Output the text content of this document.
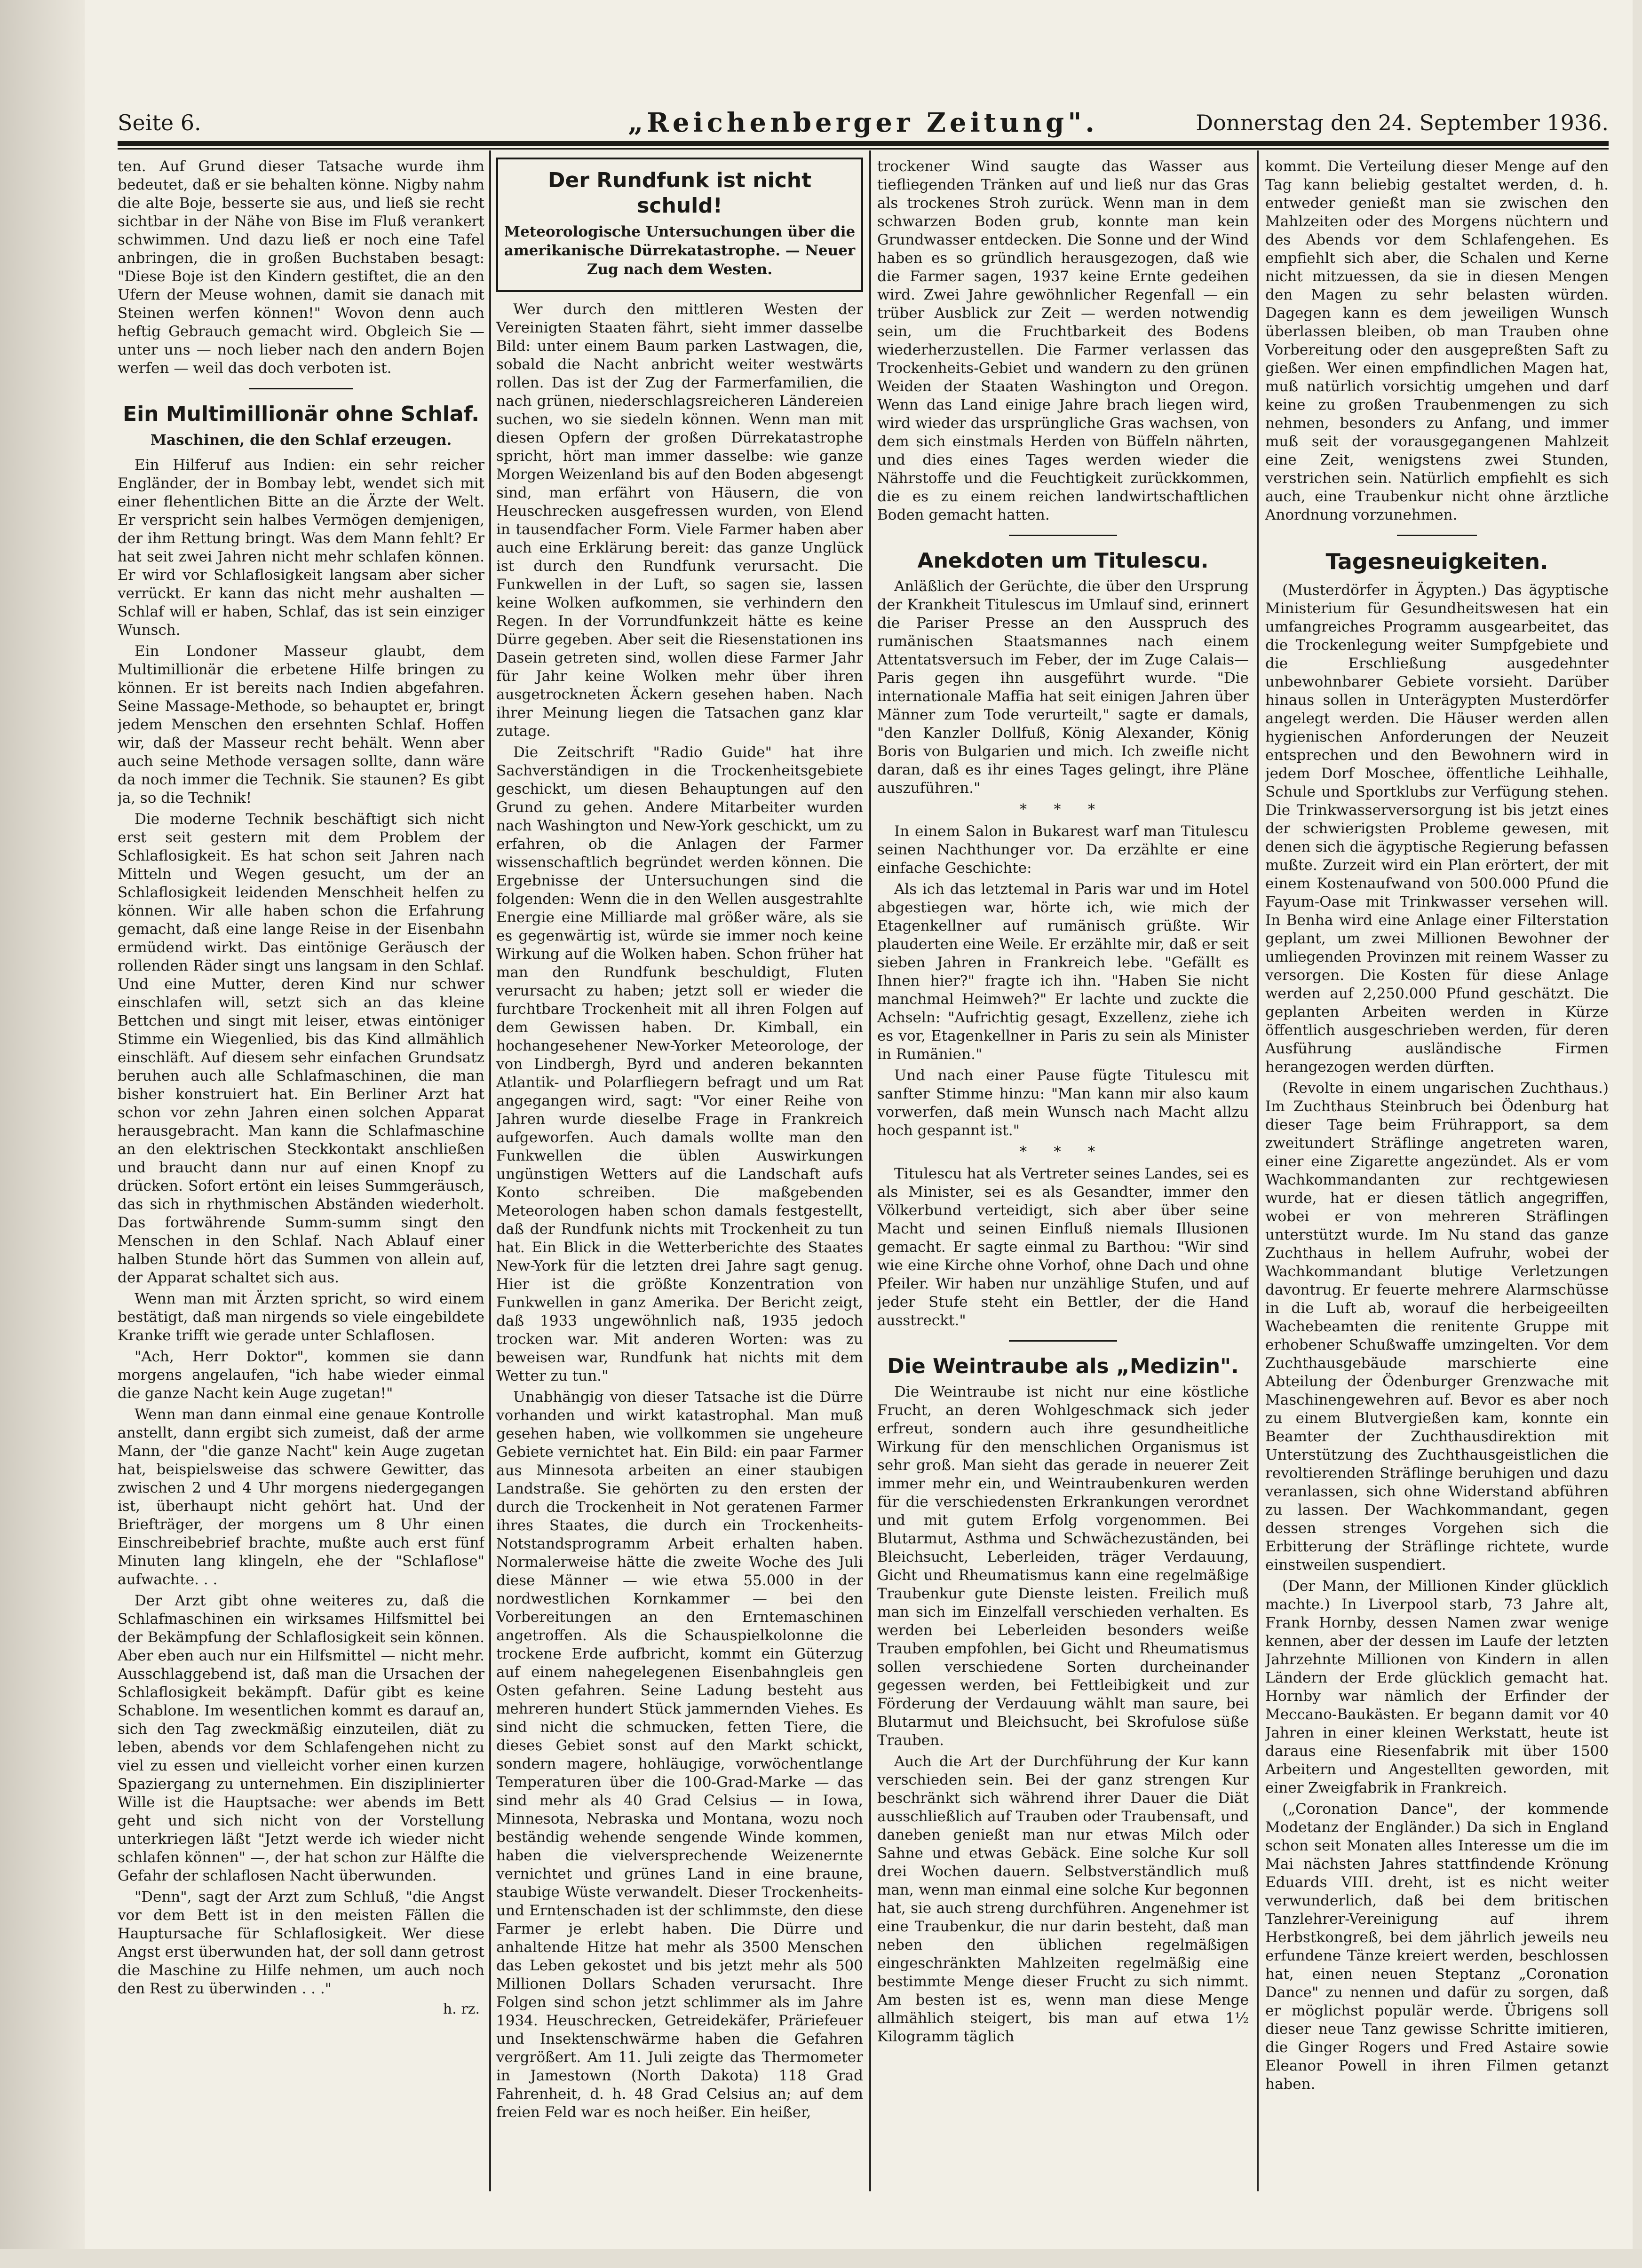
„Reichenberger Zeitung".
Seite 6.	Donnerstag den 24. September 1936.

ten. Auf Grund dieser Tatsache wurde ihm bedeutet, daß er sie behalten könne. Nigby nahm die alte Boje, besserte sie aus, und ließ sie recht sichtbar in der Nähe von Bise im Fluß verankert schwimmen. Und dazu ließ er noch eine Tafel anbringen, die in großen Buchstaben besagt: "Diese Boje ist den Kindern gestiftet, die an den Ufern der Meuse wohnen, damit sie danach mit Steinen werfen können!" Wovon denn auch heftig Gebrauch gemacht wird. Obgleich Sie — unter uns — noch lieber nach den andern Bojen werfen — weil das doch verboten ist.

Ein Multimillionär ohne Schlaf.
Maschinen, die den Schlaf erzeugen.

Ein Hilferuf aus Indien: ein sehr reicher Engländer, der in Bombay lebt, wendet sich mit einer flehentlichen Bitte an die Ärzte der Welt. Er verspricht sein halbes Vermögen demjenigen, der ihm Rettung bringt. Was dem Mann fehlt? Er hat seit zwei Jahren nicht mehr schlafen können. Er wird vor Schlaflosigkeit langsam aber sicher verrückt. Er kann das nicht mehr aushalten — Schlaf will er haben, Schlaf, das ist sein einziger Wunsch.

Ein Londoner Masseur glaubt, dem Multimillionär die erbetene Hilfe bringen zu können. Er ist bereits nach Indien abgefahren. Seine Massage-Methode, so behauptet er, bringt jedem Menschen den ersehnten Schlaf. Hoffen wir, daß der Masseur recht behält. Wenn aber auch seine Methode versagen sollte, dann wäre da noch immer die Technik. Sie staunen? Es gibt ja, so die Technik!

Die moderne Technik beschäftigt sich nicht erst seit gestern mit dem Problem der Schlaflosigkeit. Es hat schon seit Jahren nach Mitteln und Wegen gesucht, um der an Schlaflosigkeit leidenden Menschheit helfen zu können. Wir alle haben schon die Erfahrung gemacht, daß eine lange Reise in der Eisenbahn ermüdend wirkt. Das eintönige Geräusch der rollenden Räder singt uns langsam in den Schlaf. Und eine Mutter, deren Kind nur schwer einschlafen will, setzt sich an das kleine Bettchen und singt mit leiser, etwas eintöniger Stimme ein Wiegenlied, bis das Kind allmählich einschläft. Auf diesem sehr einfachen Grundsatz beruhen auch alle Schlafmaschinen, die man bisher konstruiert hat. Ein Berliner Arzt hat schon vor zehn Jahren einen solchen Apparat herausgebracht. Man kann die Schlafmaschine an den elektrischen Steckkontakt anschließen und braucht dann nur auf einen Knopf zu drücken. Sofort ertönt ein leises Summgeräusch, das sich in rhythmischen Abständen wiederholt. Das fortwährende Summ-summ singt den Menschen in den Schlaf. Nach Ablauf einer halben Stunde hört das Summen von allein auf, der Apparat schaltet sich aus.

Wenn man mit Ärzten spricht, so wird einem bestätigt, daß man nirgends so viele eingebildete Kranke trifft wie gerade unter Schlaflosen.

"Ach, Herr Doktor", kommen sie dann morgens angelaufen, "ich habe wieder einmal die ganze Nacht kein Auge zugetan!"

Wenn man dann einmal eine genaue Kontrolle anstellt, dann ergibt sich zumeist, daß der arme Mann, der "die ganze Nacht" kein Auge zugetan hat, beispielsweise das schwere Gewitter, das zwischen 2 und 4 Uhr morgens niedergegangen ist, überhaupt nicht gehört hat. Und der Briefträger, der morgens um 8 Uhr einen Einschreibebrief brachte, mußte auch erst fünf Minuten lang klingeln, ehe der "Schlaflose" aufwachte. . .

Der Arzt gibt ohne weiteres zu, daß die Schlafmaschinen ein wirksames Hilfsmittel bei der Bekämpfung der Schlaflosigkeit sein können. Aber eben auch nur ein Hilfsmittel — nicht mehr. Ausschlaggebend ist, daß man die Ursachen der Schlaflosigkeit bekämpft. Dafür gibt es keine Schablone. Im wesentlichen kommt es darauf an, sich den Tag zweckmäßig einzuteilen, diät zu leben, abends vor dem Schlafengehen nicht zu viel zu essen und vielleicht vorher einen kurzen Spaziergang zu unternehmen. Ein disziplinierter Wille ist die Hauptsache: wer abends im Bett geht und sich nicht von der Vorstellung unterkriegen läßt "Jetzt werde ich wieder nicht schlafen können" —, der hat schon zur Hälfte die Gefahr der schlaflosen Nacht überwunden.

"Denn", sagt der Arzt zum Schluß, "die Angst vor dem Bett ist in den meisten Fällen die Hauptursache für Schlaflosigkeit. Wer diese Angst erst überwunden hat, der soll dann getrost die Maschine zu Hilfe nehmen, um auch noch den Rest zu überwinden . . ."

h. rz.
Der Rundfunk ist nicht schuld!
Meteorologische Untersuchungen über die amerikanische Dürrekatastrophe. — Neuer Zug nach dem Westen.

Wer durch den mittleren Westen der Vereinigten Staaten fährt, sieht immer dasselbe Bild: unter einem Baum parken Lastwagen, die, sobald die Nacht anbricht weiter westwärts rollen. Das ist der Zug der Farmerfamilien, die nach grünen, niederschlagsreicheren Ländereien suchen, wo sie siedeln können. Wenn man mit diesen Opfern der großen Dürrekatastrophe spricht, hört man immer dasselbe: wie ganze Morgen Weizenland bis auf den Boden abgesengt sind, man erfährt von Häusern, die von Heuschrecken ausgefressen wurden, von Elend in tausendfacher Form. Viele Farmer haben aber auch eine Erklärung bereit: das ganze Unglück ist durch den Rundfunk verursacht. Die Funkwellen in der Luft, so sagen sie, lassen keine Wolken aufkommen, sie verhindern den Regen. In der Vorrundfunkzeit hätte es keine Dürre gegeben. Aber seit die Riesenstationen ins Dasein getreten sind, wollen diese Farmer Jahr für Jahr keine Wolken mehr über ihren ausgetrockneten Äckern gesehen haben. Nach ihrer Meinung liegen die Tatsachen ganz klar zutage.

Die Zeitschrift "Radio Guide" hat ihre Sachverständigen in die Trockenheitsgebiete geschickt, um diesen Behauptungen auf den Grund zu gehen. Andere Mitarbeiter wurden nach Washington und New-York geschickt, um zu erfahren, ob die Anlagen der Farmer wissenschaftlich begründet werden können. Die Ergebnisse der Untersuchungen sind die folgenden: Wenn die in den Wellen ausgestrahlte Energie eine Milliarde mal größer wäre, als sie es gegenwärtig ist, würde sie immer noch keine Wirkung auf die Wolken haben. Schon früher hat man den Rundfunk beschuldigt, Fluten verursacht zu haben; jetzt soll er wieder die furchtbare Trockenheit mit all ihren Folgen auf dem Gewissen haben. Dr. Kimball, ein hochangesehener New-Yorker Meteorologe, der von Lindbergh, Byrd und anderen bekannten Atlantik- und Polarfliegern befragt und um Rat angegangen wird, sagt: "Vor einer Reihe von Jahren wurde dieselbe Frage in Frankreich aufgeworfen. Auch damals wollte man den Funkwellen die üblen Auswirkungen ungünstigen Wetters auf die Landschaft aufs Konto schreiben. Die maßgebenden Meteorologen haben schon damals festgestellt, daß der Rundfunk nichts mit Trockenheit zu tun hat. Ein Blick in die Wetterberichte des Staates New-York für die letzten drei Jahre sagt genug. Hier ist die größte Konzentration von Funkwellen in ganz Amerika. Der Bericht zeigt, daß 1933 ungewöhnlich naß, 1935 jedoch trocken war. Mit anderen Worten: was zu beweisen war, Rundfunk hat nichts mit dem Wetter zu tun."

Unabhängig von dieser Tatsache ist die Dürre vorhanden und wirkt katastrophal. Man muß gesehen haben, wie vollkommen sie ungeheure Gebiete vernichtet hat. Ein Bild: ein paar Farmer aus Minnesota arbeiten an einer staubigen Landstraße. Sie gehörten zu den ersten der durch die Trockenheit in Not geratenen Farmer ihres Staates, die durch ein Trockenheits-Notstandsprogramm Arbeit erhalten haben. Normalerweise hätte die zweite Woche des Juli diese Männer — wie etwa 55.000 in der nordwestlichen Kornkammer — bei den Vorbereitungen an den Erntemaschinen angetroffen. Als die Schauspielkolonne die trockene Erde aufbricht, kommt ein Güterzug auf einem nahegelegenen Eisenbahngleis gen Osten gefahren. Seine Ladung besteht aus mehreren hundert Stück jammernden Viehes. Es sind nicht die schmucken, fetten Tiere, die dieses Gebiet sonst auf den Markt schickt, sondern magere, hohläugige, vorwöchentlange Temperaturen über die 100-Grad-Marke — das sind mehr als 40 Grad Celsius — in Iowa, Minnesota, Nebraska und Montana, wozu noch beständig wehende sengende Winde kommen, haben die vielversprechende Weizenernte vernichtet und grünes Land in eine braune, staubige Wüste verwandelt. Dieser Trockenheits- und Erntenschaden ist der schlimmste, den diese Farmer je erlebt haben. Die Dürre und anhaltende Hitze hat mehr als 3500 Menschen das Leben gekostet und bis jetzt mehr als 500 Millionen Dollars Schaden verursacht. Ihre Folgen sind schon jetzt schlimmer als im Jahre 1934. Heuschrecken, Getreidekäfer, Präriefeuer und Insektenschwärme haben die Gefahren vergrößert. Am 11. Juli zeigte das Thermometer in Jamestown (North Dakota) 118 Grad Fahrenheit, d. h. 48 Grad Celsius an; auf dem freien Feld war es noch heißer. Ein heißer,

trockener Wind saugte das Wasser aus tiefliegenden Tränken auf und ließ nur das Gras als trockenes Stroh zurück. Wenn man in dem schwarzen Boden grub, konnte man kein Grundwasser entdecken. Die Sonne und der Wind haben es so gründlich herausgezogen, daß wie die Farmer sagen, 1937 keine Ernte gedeihen wird. Zwei Jahre gewöhnlicher Regenfall — ein trüber Ausblick zur Zeit — werden notwendig sein, um die Fruchtbarkeit des Bodens wiederherzustellen. Die Farmer verlassen das Trockenheits-Gebiet und wandern zu den grünen Weiden der Staaten Washington und Oregon. Wenn das Land einige Jahre brach liegen wird, wird wieder das ursprüngliche Gras wachsen, von dem sich einstmals Herden von Büffeln nährten, und dies eines Tages werden wieder die Nährstoffe und die Feuchtigkeit zurückkommen, die es zu einem reichen landwirtschaftlichen Boden gemacht hatten.

Anekdoten um Titulescu.

Anläßlich der Gerüchte, die über den Ursprung der Krankheit Titulescus im Umlauf sind, erinnert die Pariser Presse an den Ausspruch des rumänischen Staatsmannes nach einem Attentatsversuch im Feber, der im Zuge Calais—Paris gegen ihn ausgeführt wurde. "Die internationale Maffia hat seit einigen Jahren über Männer zum Tode verurteilt," sagte er damals, "den Kanzler Dollfuß, König Alexander, König Boris von Bulgarien und mich. Ich zweifle nicht daran, daß es ihr eines Tages gelingt, ihre Pläne auszuführen."

* * *

In einem Salon in Bukarest warf man Titulescu seinen Nachthunger vor. Da erzählte er eine einfache Geschichte:

Als ich das letztemal in Paris war und im Hotel abgestiegen war, hörte ich, wie mich der Etagenkellner auf rumänisch grüßte. Wir plauderten eine Weile. Er erzählte mir, daß er seit sieben Jahren in Frankreich lebe. "Gefällt es Ihnen hier?" fragte ich ihn. "Haben Sie nicht manchmal Heimweh?" Er lachte und zuckte die Achseln: "Aufrichtig gesagt, Exzellenz, ziehe ich es vor, Etagenkellner in Paris zu sein als Minister in Rumänien."

Und nach einer Pause fügte Titulescu mit sanfter Stimme hinzu: "Man kann mir also kaum vorwerfen, daß mein Wunsch nach Macht allzu hoch gespannt ist."

* * *

Titulescu hat als Vertreter seines Landes, sei es als Minister, sei es als Gesandter, immer den Völkerbund verteidigt, sich aber über seine Macht und seinen Einfluß niemals Illusionen gemacht. Er sagte einmal zu Barthou: "Wir sind wie eine Kirche ohne Vorhof, ohne Dach und ohne Pfeiler. Wir haben nur unzählige Stufen, und auf jeder Stufe steht ein Bettler, der die Hand ausstreckt."

Die Weintraube als „Medizin".

Die Weintraube ist nicht nur eine köstliche Frucht, an deren Wohlgeschmack sich jeder erfreut, sondern auch ihre gesundheitliche Wirkung für den menschlichen Organismus ist sehr groß. Man sieht das gerade in neuerer Zeit immer mehr ein, und Weintraubenkuren werden für die verschiedensten Erkrankungen verordnet und mit gutem Erfolg vorgenommen. Bei Blutarmut, Asthma und Schwächezuständen, bei Bleichsucht, Leberleiden, träger Verdauung, Gicht und Rheumatismus kann eine regelmäßige Traubenkur gute Dienste leisten. Freilich muß man sich im Einzelfall verschieden verhalten. Es werden bei Leberleiden besonders weiße Trauben empfohlen, bei Gicht und Rheumatismus sollen verschiedene Sorten durcheinander gegessen werden, bei Fettleibigkeit und zur Förderung der Verdauung wählt man saure, bei Blutarmut und Bleichsucht, bei Skrofulose süße Trauben.

Auch die Art der Durchführung der Kur kann verschieden sein. Bei der ganz strengen Kur beschränkt sich während ihrer Dauer die Diät ausschließlich auf Trauben oder Traubensaft, und daneben genießt man nur etwas Milch oder Sahne und etwas Gebäck. Eine solche Kur soll drei Wochen dauern. Selbstverständlich muß man, wenn man einmal eine solche Kur begonnen hat, sie auch streng durchführen. Angenehmer ist eine Traubenkur, die nur darin besteht, daß man neben den üblichen regelmäßigen eingeschränkten Mahlzeiten regelmäßig eine bestimmte Menge dieser Frucht zu sich nimmt. Am besten ist es, wenn man diese Menge allmählich steigert, bis man auf etwa 1½ Kilogramm täglich

kommt. Die Verteilung dieser Menge auf den Tag kann beliebig gestaltet werden, d. h. entweder genießt man sie zwischen den Mahlzeiten oder des Morgens nüchtern und des Abends vor dem Schlafengehen. Es empfiehlt sich aber, die Schalen und Kerne nicht mitzuessen, da sie in diesen Mengen den Magen zu sehr belasten würden. Dagegen kann es dem jeweiligen Wunsch überlassen bleiben, ob man Trauben ohne Vorbereitung oder den ausgepreßten Saft zu gießen. Wer einen empfindlichen Magen hat, muß natürlich vorsichtig umgehen und darf keine zu großen Traubenmengen zu sich nehmen, besonders zu Anfang, und immer muß seit der vorausgegangenen Mahlzeit eine Zeit, wenigstens zwei Stunden, verstrichen sein. Natürlich empfiehlt es sich auch, eine Traubenkur nicht ohne ärztliche Anordnung vorzunehmen.

Tagesneuigkeiten.

(Musterdörfer in Ägypten.) Das ägyptische Ministerium für Gesundheitswesen hat ein umfangreiches Programm ausgearbeitet, das die Trockenlegung weiter Sumpfgebiete und die Erschließung ausgedehnter unbewohnbarer Gebiete vorsieht. Darüber hinaus sollen in Unterägypten Musterdörfer angelegt werden. Die Häuser werden allen hygienischen Anforderungen der Neuzeit entsprechen und den Bewohnern wird in jedem Dorf Moschee, öffentliche Leihhalle, Schule und Sportklubs zur Verfügung stehen. Die Trinkwasserversorgung ist bis jetzt eines der schwierigsten Probleme gewesen, mit denen sich die ägyptische Regierung befassen mußte. Zurzeit wird ein Plan erörtert, der mit einem Kostenaufwand von 500.000 Pfund die Fayum-Oase mit Trinkwasser versehen will. In Benha wird eine Anlage einer Filterstation geplant, um zwei Millionen Bewohner der umliegenden Provinzen mit reinem Wasser zu versorgen. Die Kosten für diese Anlage werden auf 2,250.000 Pfund geschätzt. Die geplanten Arbeiten werden in Kürze öffentlich ausgeschrieben werden, für deren Ausführung ausländische Firmen herangezogen werden dürften.

(Revolte in einem ungarischen Zuchthaus.) Im Zuchthaus Steinbruch bei Ödenburg hat dieser Tage beim Frührapport, sa dem zweitundert Sträflinge angetreten waren, einer eine Zigarette angezündet. Als er vom Wachkommandanten zur rechtgewiesen wurde, hat er diesen tätlich angegriffen, wobei er von mehreren Sträflingen unterstützt wurde. Im Nu stand das ganze Zuchthaus in hellem Aufruhr, wobei der Wachkommandant blutige Verletzungen davontrug. Er feuerte mehrere Alarmschüsse in die Luft ab, worauf die herbeigeeilten Wachebeamten die renitente Gruppe mit erhobener Schußwaffe umzingelten. Vor dem Zuchthausgebäude marschierte eine Abteilung der Ödenburger Grenzwache mit Maschinengewehren auf. Bevor es aber noch zu einem Blutvergießen kam, konnte ein Beamter der Zuchthausdirektion mit Unterstützung des Zuchthausgeistlichen die revoltierenden Sträflinge beruhigen und dazu veranlassen, sich ohne Widerstand abführen zu lassen. Der Wachkommandant, gegen dessen strenges Vorgehen sich die Erbitterung der Sträflinge richtete, wurde einstweilen suspendiert.

(Der Mann, der Millionen Kinder glücklich machte.) In Liverpool starb, 73 Jahre alt, Frank Hornby, dessen Namen zwar wenige kennen, aber der dessen im Laufe der letzten Jahrzehnte Millionen von Kindern in allen Ländern der Erde glücklich gemacht hat. Hornby war nämlich der Erfinder der Meccano-Baukästen. Er begann damit vor 40 Jahren in einer kleinen Werkstatt, heute ist daraus eine Riesenfabrik mit über 1500 Arbeitern und Angestellten geworden, mit einer Zweigfabrik in Frankreich.

(„Coronation Dance", der kommende Modetanz der Engländer.) Da sich in England schon seit Monaten alles Interesse um die im Mai nächsten Jahres stattfindende Krönung Eduards VIII. dreht, ist es nicht weiter verwunderlich, daß bei dem britischen Tanzlehrer-Vereinigung auf ihrem Herbstkongreß, bei dem jährlich jeweils neu erfundene Tänze kreiert werden, beschlossen hat, einen neuen Steptanz „Coronation Dance" zu nennen und dafür zu sorgen, daß er möglichst populär werde. Übrigens soll dieser neue Tanz gewisse Schritte imitieren, die Ginger Rogers und Fred Astaire sowie Eleanor Powell in ihren Filmen getanzt haben.
